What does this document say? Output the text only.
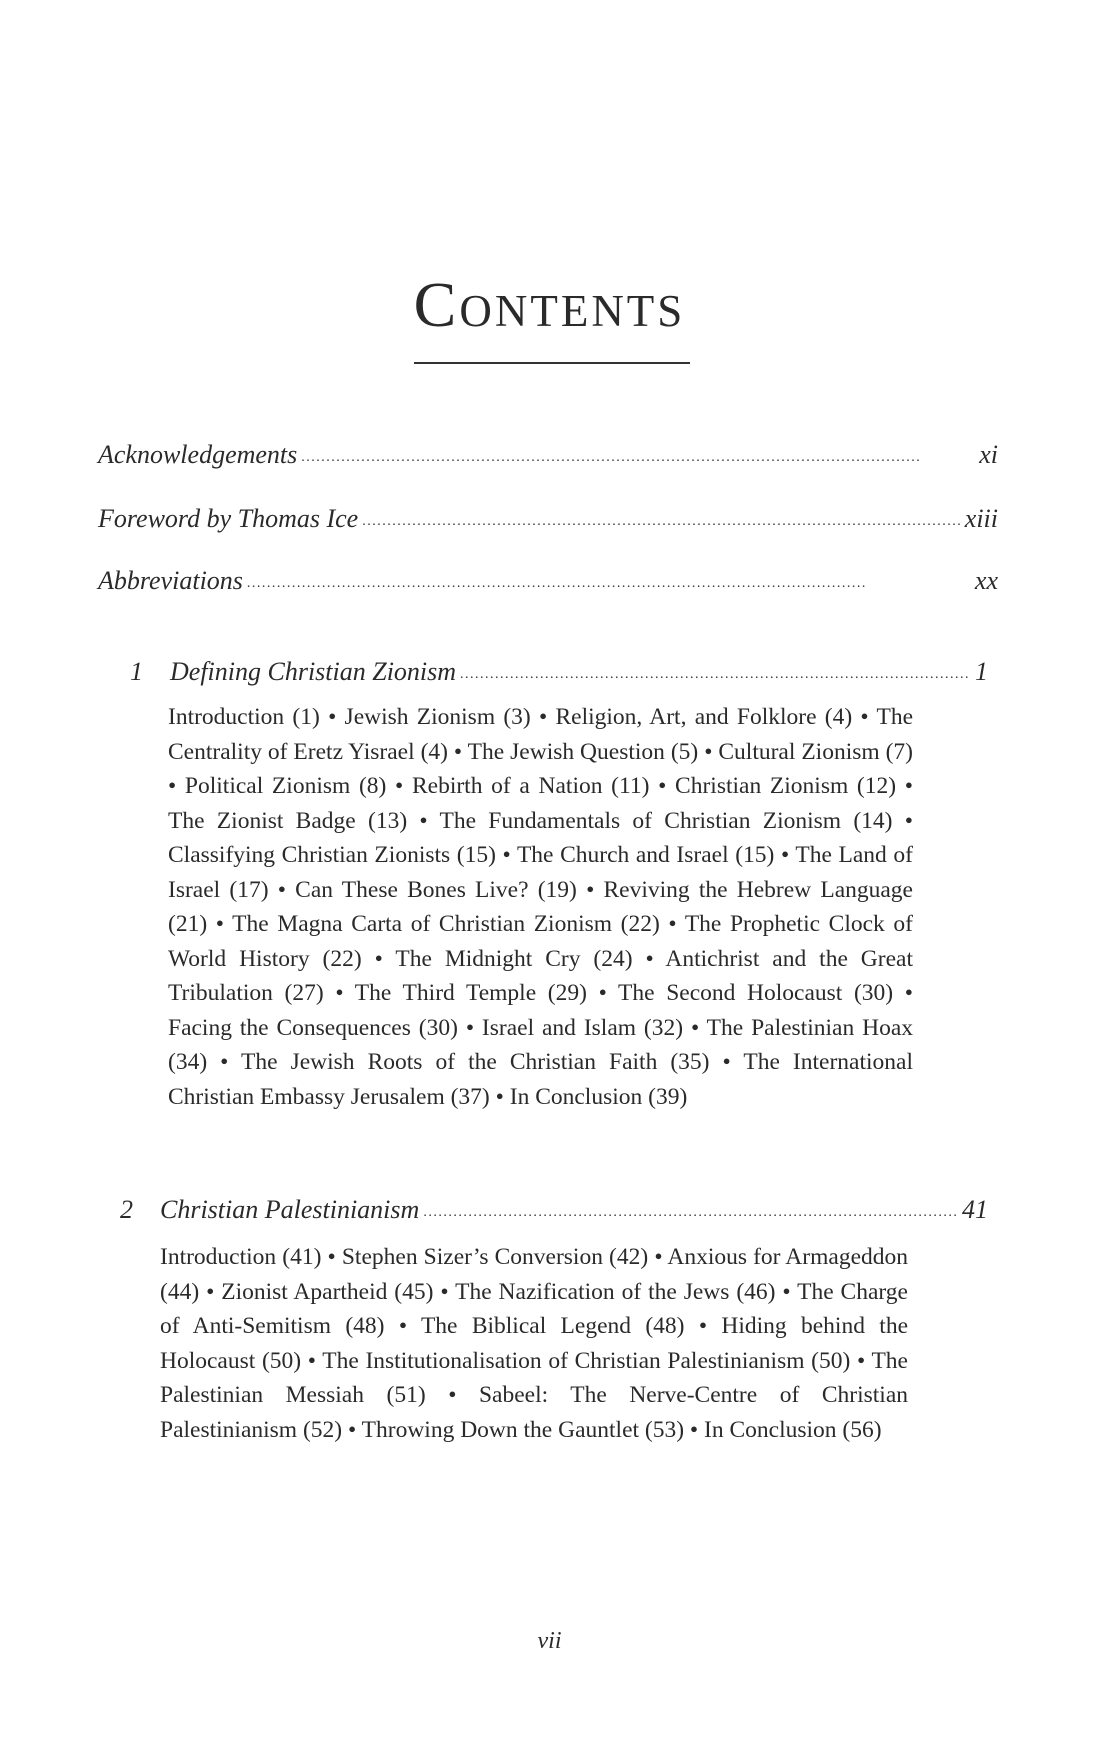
Contents
Acknowledgements . . .	xi
Foreword by Thomas Ice . . .	xiii
Abbreviations . . .	xx
1	Defining Christian Zionism . . .	1
Introduction (1) • Jewish Zionism (3) • Religion, Art, and Folklore (4) • The Centrality of Eretz Yisrael (4) • The Jewish Question (5) • Cultural Zionism (7) • Political Zionism (8) • Rebirth of a Nation (11) • Christian Zionism (12) • The Zionist Badge (13) • The Fundamentals of Christian Zionism (14) • Classifying Christian Zionists (15) • The Church and Israel (15) • The Land of Israel (17) • Can These Bones Live? (19) • Reviving the Hebrew Language (21) • The Magna Carta of Christian Zionism (22) • The Prophetic Clock of World History (22) • The Midnight Cry (24) • Antichrist and the Great Tribulation (27) • The Third Temple (29) • The Second Holocaust (30) • Facing the Consequences (30) • Israel and Islam (32) • The Palestinian Hoax (34) • The Jewish Roots of the Christian Faith (35) • The International Christian Embassy Jerusalem (37) • In Conclusion (39)
2	Christian Palestinianism . . .	41
Introduction (41) • Stephen Sizer’s Conversion (42) • Anxious for Armageddon (44) • Zionist Apartheid (45) • The Nazification of the Jews (46) • The Charge of Anti-Semitism (48) • The Biblical Legend (48) • Hiding behind the Holocaust (50) • The Institutionalisation of Christian Palestinianism (50) • The Palestinian Messiah (51) • Sabeel: The Nerve-Centre of Christian Palestinianism (52) • Throwing Down the Gauntlet (53) • In Conclusion (56)
vii
